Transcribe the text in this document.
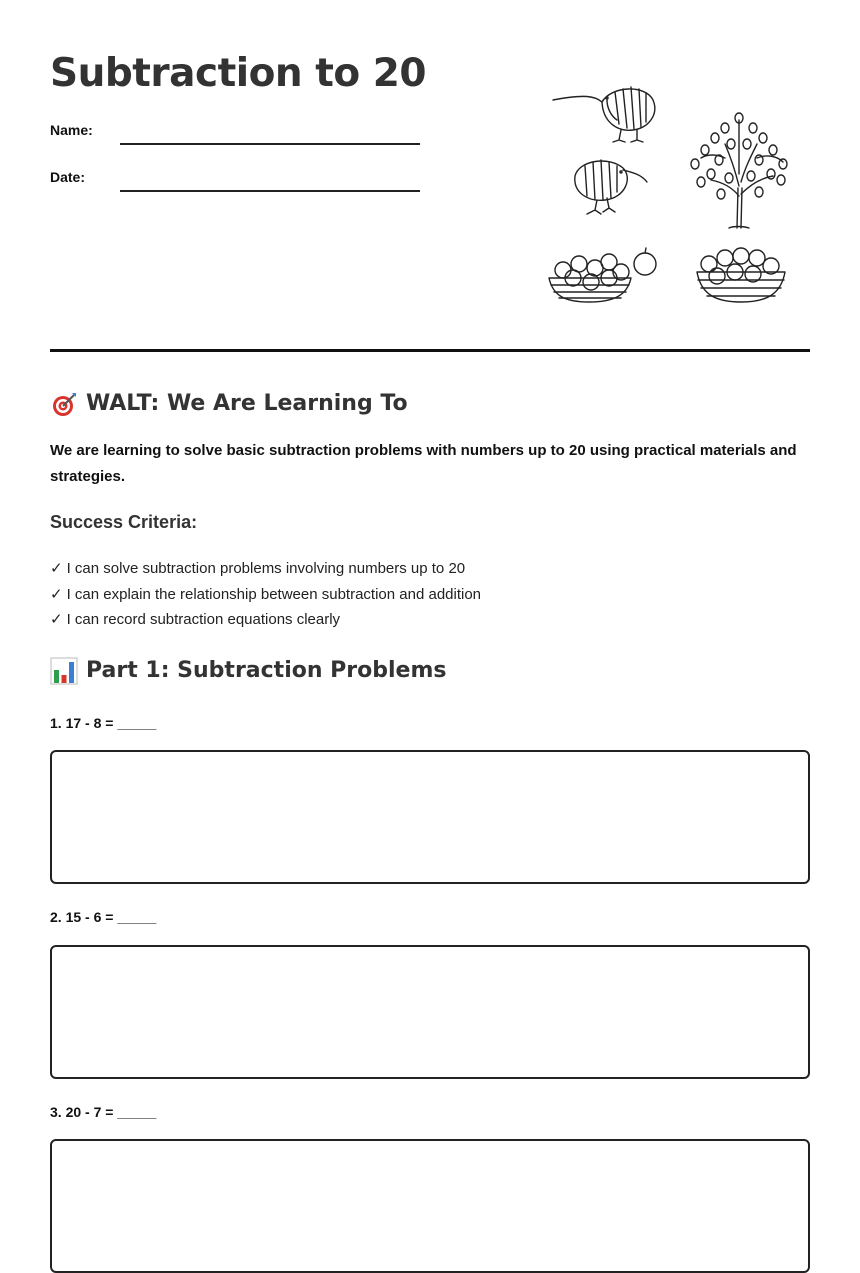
Subtraction to 20
Name:
Date:
WALT: We Are Learning To
We are learning to solve basic subtraction problems with numbers up to 20 using practical materials and strategies.
Success Criteria:
✓ I can solve subtraction problems involving numbers up to 20
✓ I can explain the relationship between subtraction and addition
✓ I can record subtraction equations clearly
Part 1: Subtraction Problems
1. 17 - 8 = _____
2. 15 - 6 = _____
3. 20 - 7 = _____
